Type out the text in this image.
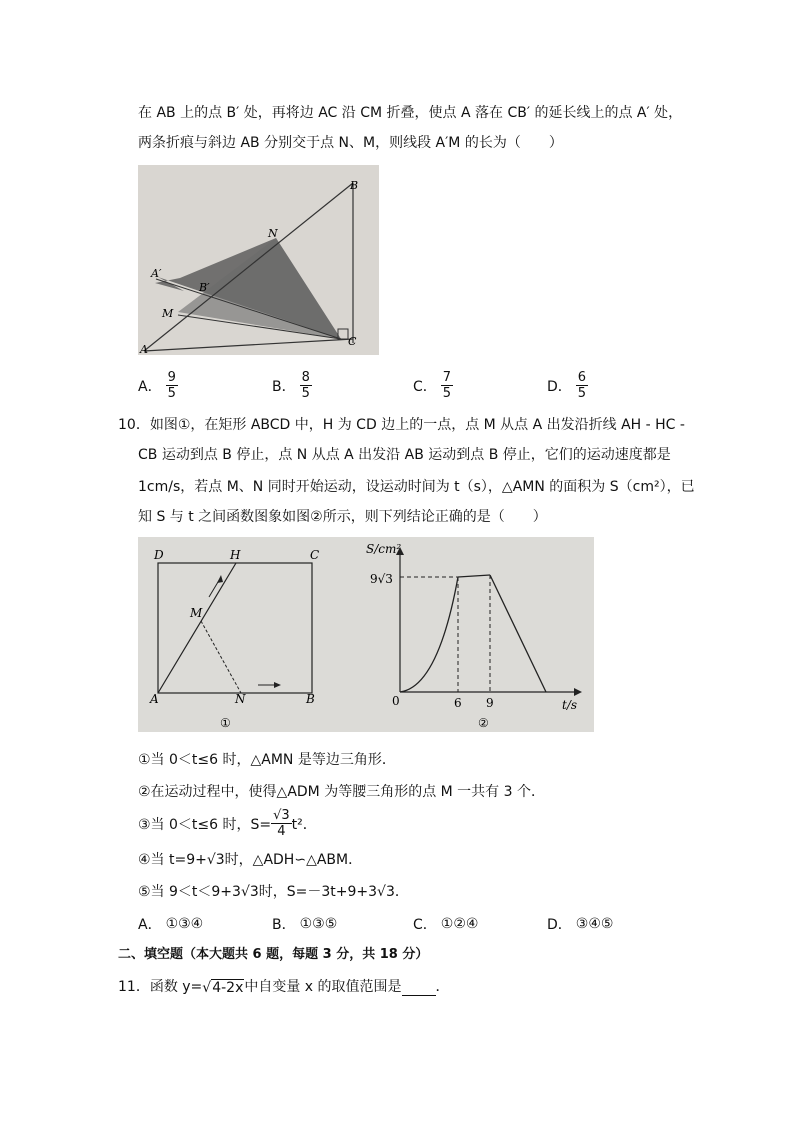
在 AB 上的点 B′ 处，再将边 AC 沿 CM 折叠，使点 A 落在 CB′ 的延长线上的点 A′ 处，
两条折痕与斜边 AB 分别交于点 N、M，则线段 A′M 的长为（　　）
B
N
A′
B′
M
C
A
A． $\frac{9}{5}$	B． $\frac{8}{5}$	C． $\frac{7}{5}$	D． $\frac{6}{5}$
10．如图①，在矩形 ABCD 中，H 为 CD 边上的一点，点 M 从点 A 出发沿折线 AH - HC -
CB 运动到点 B 停止，点 N 从点 A 出发沿 AB 运动到点 B 停止，它们的运动速度都是
1cm/s，若点 M、N 同时开始运动，设运动时间为 t（s），△AMN 的面积为 S（cm²），已
知 S 与 t 之间函数图象如图②所示，则下列结论正确的是（　　）
D	H	C
M
A	N	B
①
S/cm²
9√3
0	6 9	t/s
②
①当 0＜t≤6 时，△AMN 是等边三角形．
②在运动过程中，使得△ADM 为等腰三角形的点 M 一共有 3 个．
③当 0＜t≤6 时，$S= \frac{√3}{4} t^2$．
④当 t=9+√3时，△ADH∽△ABM．
⑤当 9＜t＜9+3√3时，S=－3t+9+3√3．
A． ①③④	B． ①③⑤	C． ①②④	D． ③④⑤
二、填空题（本大题共 6 题，每题 3 分，共 18 分）
11．函数 y= √ 4-2x 中自变量 x 的取值范围是 ．
